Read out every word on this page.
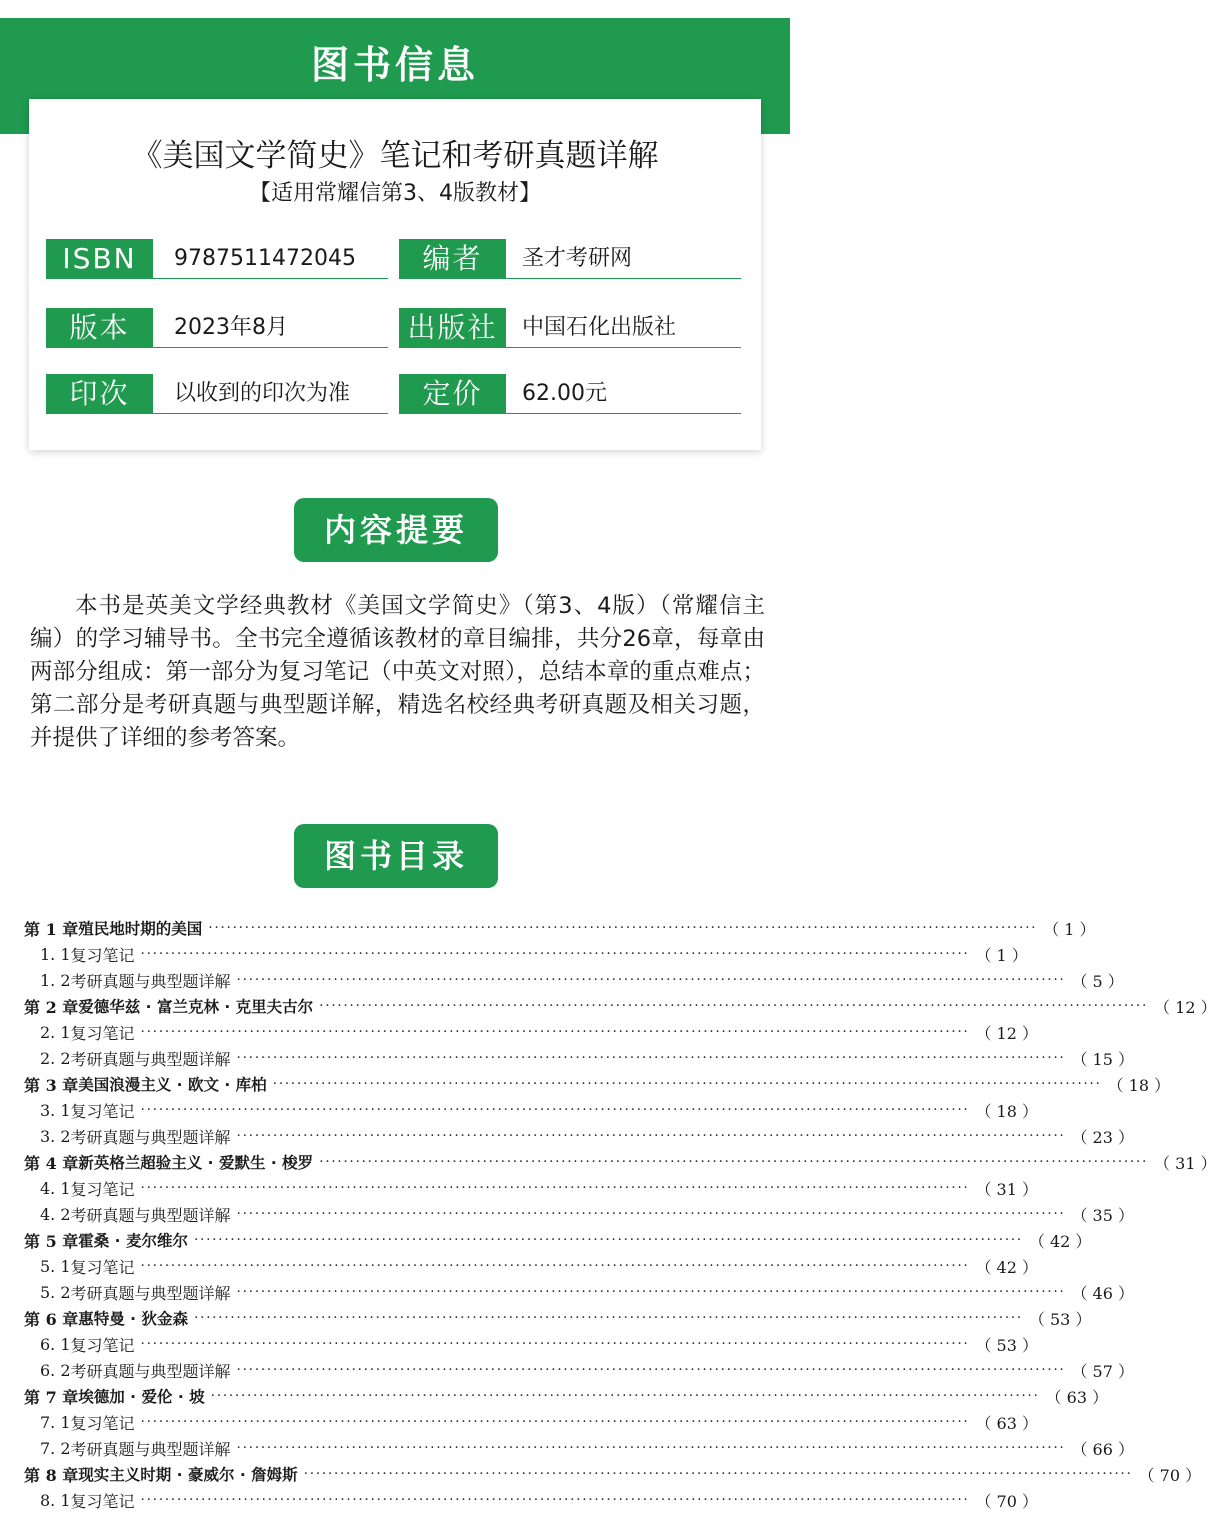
图书信息
《美国文学简史》笔记和考研真题详解
【适用常耀信第3、4版教材】
ISBN	9787511472045	编者	圣才考研网
版本	2023年8月	出版社	中国石化出版社
印次	以收到的印次为准	定价	62.00元
内容提要

本书是英美文学经典教材《美国文学简史》（第3、4版）（常耀信主编）的学习辅导书。全书完全遵循该教材的章目编排，共分26章，每章由两部分组成：第一部分为复习笔记（中英文对照），总结本章的重点难点；第二部分是考研真题与典型题详解，精选名校经典考研真题及相关习题，并提供了详细的参考答案。

图书目录
第 1 章 殖民地时期的美国 ········································································································································· （ 1 ）
1. 1 复习笔记 ········································································································································· （ 1 ）
1. 2 考研真题与典型题详解 ········································································································································· （ 5 ）
第 2 章 爱德华兹 · 富兰克林 · 克里夫古尔 ········································································································································· （ 12 ）
2. 1 复习笔记 ········································································································································· （ 12 ）
2. 2 考研真题与典型题详解 ········································································································································· （ 15 ）
第 3 章 美国浪漫主义 · 欧文 · 库柏 ········································································································································· （ 18 ）
3. 1 复习笔记 ········································································································································· （ 18 ）
3. 2 考研真题与典型题详解 ········································································································································· （ 23 ）
第 4 章 新英格兰超验主义 · 爱默生 · 梭罗 ········································································································································· （ 31 ）
4. 1 复习笔记 ········································································································································· （ 31 ）
4. 2 考研真题与典型题详解 ········································································································································· （ 35 ）
第 5 章 霍桑 · 麦尔维尔 ········································································································································· （ 42 ）
5. 1 复习笔记 ········································································································································· （ 42 ）
5. 2 考研真题与典型题详解 ········································································································································· （ 46 ）
第 6 章 惠特曼 · 狄金森 ········································································································································· （ 53 ）
6. 1 复习笔记 ········································································································································· （ 53 ）
6. 2 考研真题与典型题详解 ········································································································································· （ 57 ）
第 7 章 埃德加 · 爱伦 · 坡 ········································································································································· （ 63 ）
7. 1 复习笔记 ········································································································································· （ 63 ）
7. 2 考研真题与典型题详解 ········································································································································· （ 66 ）
第 8 章 现实主义时期 · 豪威尔 · 詹姆斯 ········································································································································· （ 70 ）
8. 1 复习笔记 ········································································································································· （ 70 ）
